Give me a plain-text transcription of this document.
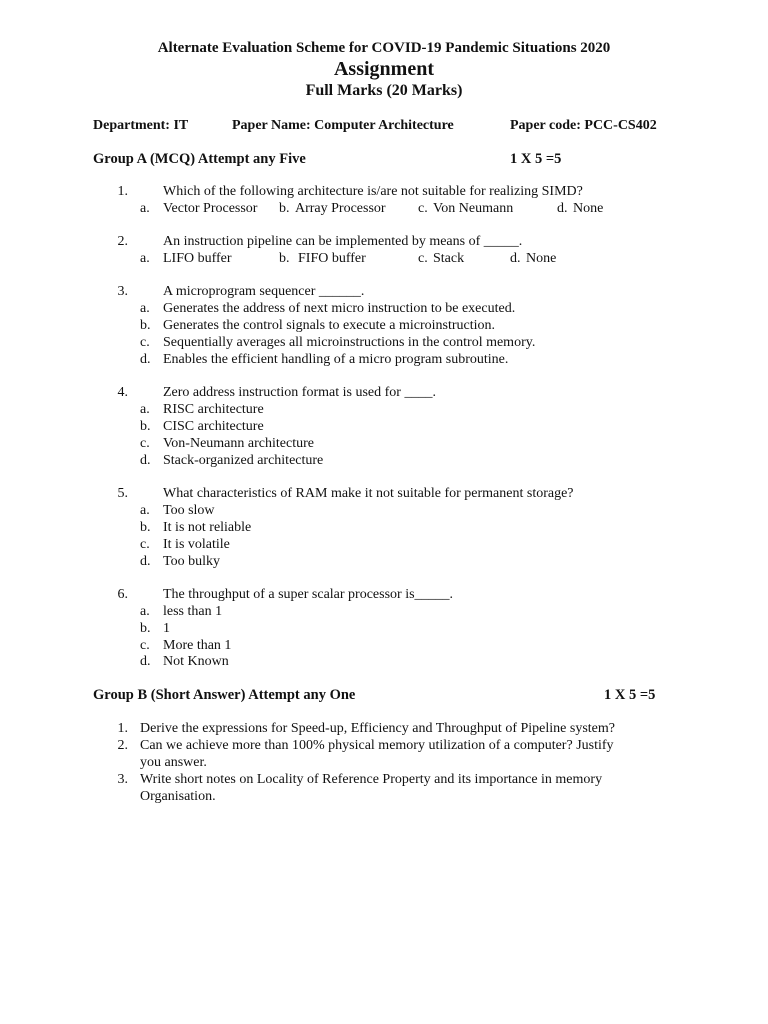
Alternate Evaluation Scheme for COVID-19 Pandemic Situations 2020
Assignment
Full Marks (20 Marks)
Department: IT	Paper Name: Computer Architecture	Paper code: PCC-CS402
Group A (MCQ) Attempt any Five	1 X 5 =5
1.	Which of the following architecture is/are not suitable for realizing SIMD?
a. Vector Processor b. Array Processor c. Von Neumann	d. None
2.	An instruction pipeline can be implemented by means of _____.
a. LIFO buffer	b. FIFO buffer	c. Stack	d. None
3.	A microprogram sequencer ______.
a. Generates the address of next micro instruction to be executed.
b. Generates the control signals to execute a microinstruction.
c. Sequentially averages all microinstructions in the control memory.
d. Enables the efficient handling of a micro program subroutine.
4.	Zero address instruction format is used for ____.
a. RISC architecture
b. CISC architecture
c. Von-Neumann architecture
d. Stack-organized architecture
5.	What characteristics of RAM make it not suitable for permanent storage?
a. Too slow
b. It is not reliable
c. It is volatile
d. Too bulky
6.	The throughput of a super scalar processor is_____.
a. less than 1
b. 1
c. More than 1
d. Not Known
Group B (Short Answer) Attempt any One	1 X 5 =5
1. Derive the expressions for Speed-up, Efficiency and Throughput of Pipeline system?
2. Can we achieve more than 100% physical memory utilization of a computer? Justify
you answer.
3. Write short notes on Locality of Reference Property and its importance in memory
Organisation.
